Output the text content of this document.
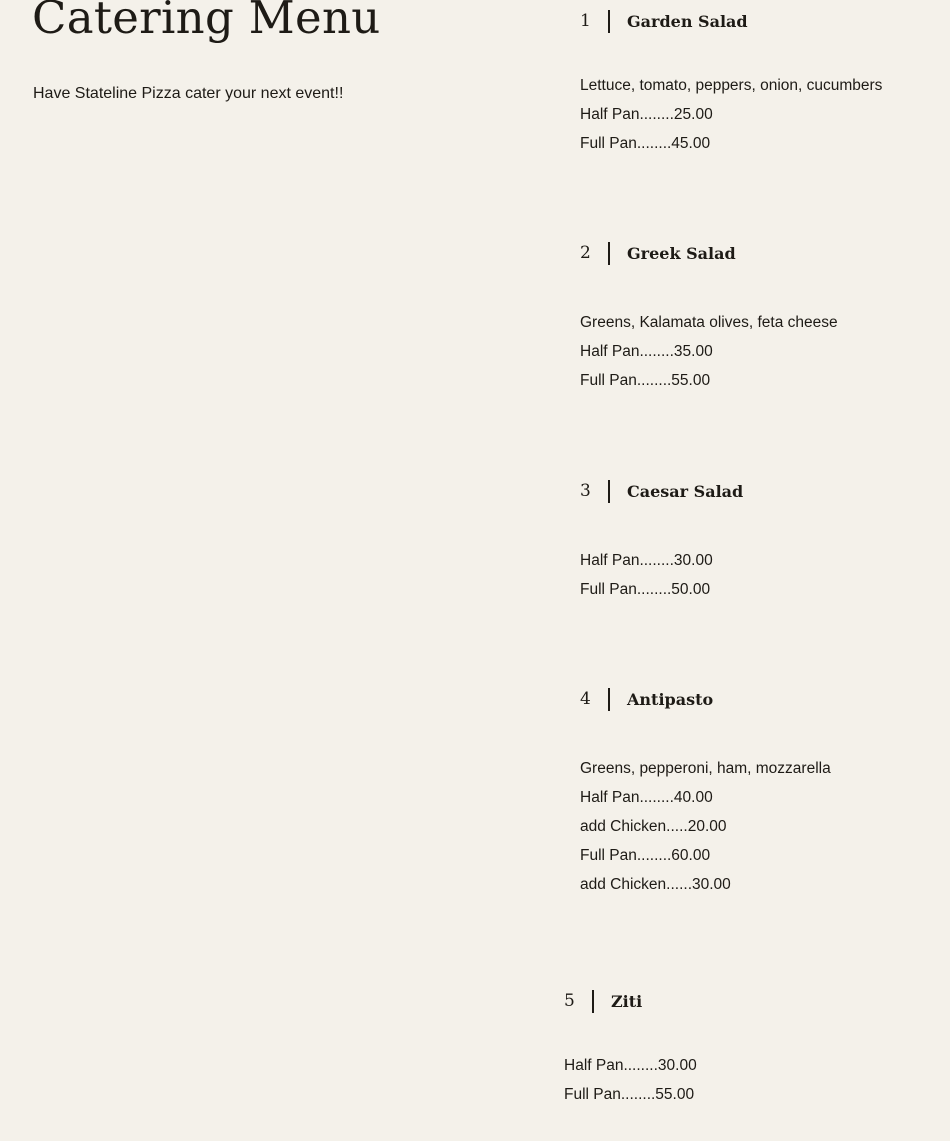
Catering Menu

Have Stateline Pizza cater your next event!!

1 Garden Salad
Lettuce, tomato, peppers, onion, cucumbers
Half Pan........25.00
Full Pan........45.00
2 Greek Salad
Greens, Kalamata olives, feta cheese
Half Pan........35.00
Full Pan........55.00
3 Caesar Salad
Half Pan........30.00
Full Pan........50.00
4 Antipasto
Greens, pepperoni, ham, mozzarella
Half Pan........40.00
add Chicken.....20.00
Full Pan........60.00
add Chicken......30.00
5 Ziti
Half Pan........30.00
Full Pan........55.00
